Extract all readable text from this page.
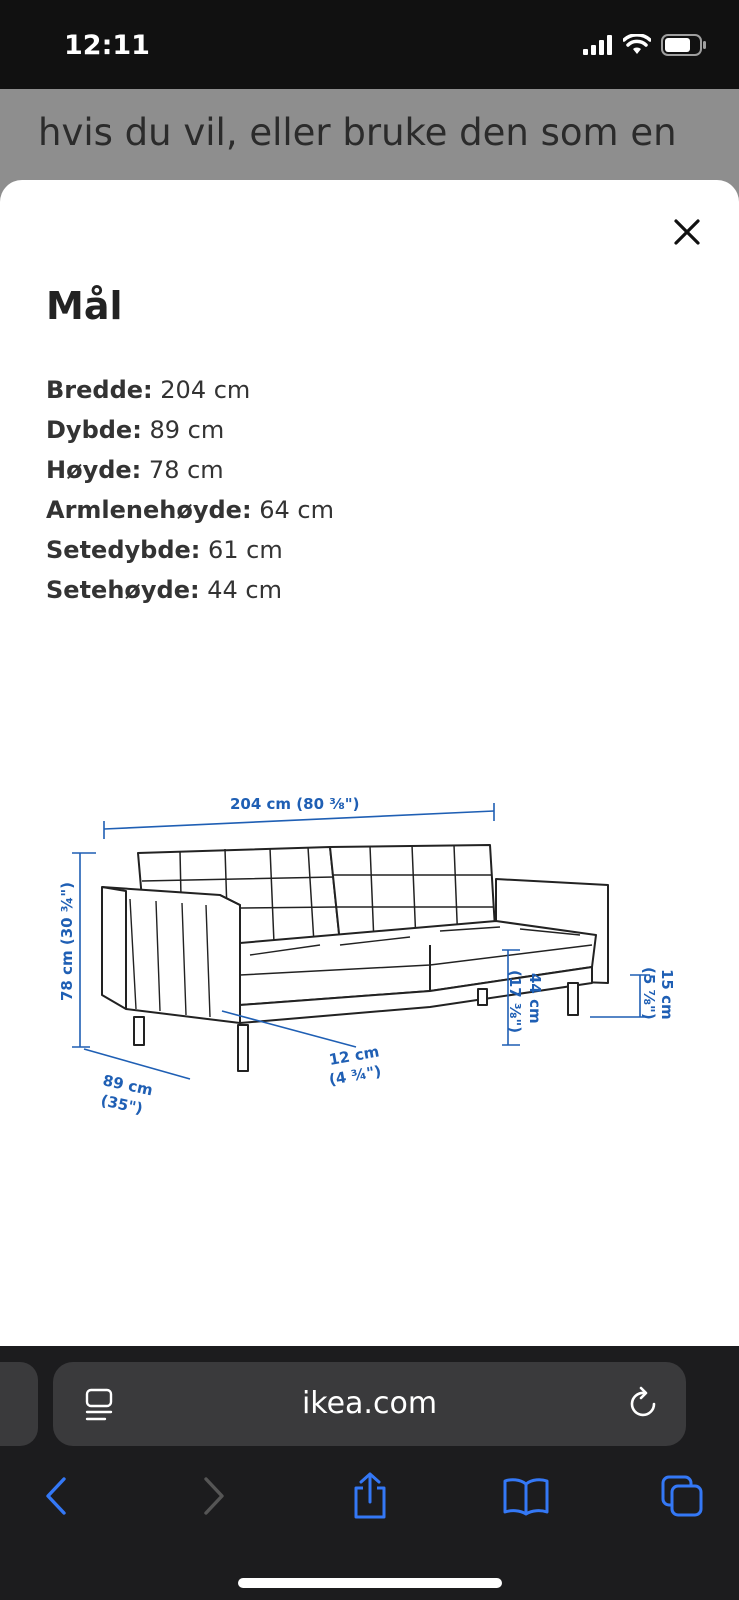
12:11
hvis du vil, eller bruke den som en
Mål
Bredde: 204 cm
Dybde: 89 cm
Høyde: 78 cm
Armlenehøyde: 64 cm
Setedybde: 61 cm
Setehøyde: 44 cm
204 cm (80 ⅜")
78 cm (30 ¾")
89 cm
(35")
12 cm
(4 ¾")
44 cm
(17 ⅜")	15 cm
(5 ⅞")
ikea.com
